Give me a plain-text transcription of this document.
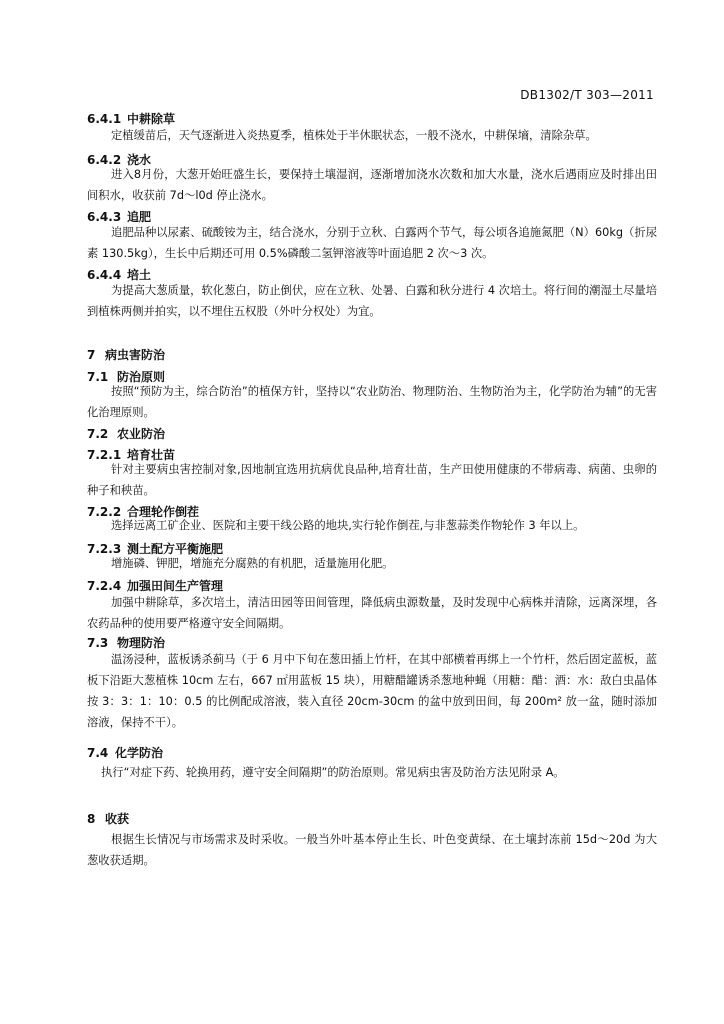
DB1302/T 303—2011
6.4.1 中耕除草
定植缓苗后，天气逐渐进入炎热夏季，植株处于半休眠状态，一般不浇水，中耕保墒，清除杂草。
6.4.2 浇水
进入8月份，大葱开始旺盛生长，要保持土壤湿润，逐渐增加浇水次数和加大水量，浇水后遇雨应及时排出田间积水，收获前 7d～l0d 停止浇水。
6.4.3 追肥
追肥品种以尿素、硫酸铵为主，结合浇水，分别于立秋、白露两个节气，每公顷各追施氮肥（N）60kg（折尿素 130.5kg），生长中后期还可用 0.5%磷酸二氢钾溶液等叶面追肥 2 次～3 次。
6.4.4 培土
为提高大葱质量，软化葱白，防止倒伏，应在立秋、处暑、白露和秋分进行 4 次培土。将行间的潮湿土尽量培到植株两侧并拍实，以不埋住五权股（外叶分权处）为宜。
7 病虫害防治
7.1 防治原则
按照“预防为主，综合防治”的植保方针，坚持以“农业防治、物理防治、生物防治为主，化学防治为辅”的无害化治理原则。
7.2 农业防治
7.2.1 培育壮苗
针对主要病虫害控制对象,因地制宜选用抗病优良品种,培育壮苗，生产田使用健康的不带病毒、病菌、虫卵的种子和秧苗。
7.2.2 合理轮作倒茬
选择远离工矿企业、医院和主要干线公路的地块,实行轮作倒茬,与非葱蒜类作物轮作 3 年以上。
7.2.3 测土配方平衡施肥
增施磷、钾肥，增施充分腐熟的有机肥，适量施用化肥。
7.2.4 加强田间生产管理
加强中耕除草，多次培土，清洁田园等田间管理，降低病虫源数量，及时发现中心病株并清除，远离深埋，各农药品种的使用要严格遵守安全间隔期。
7.3 物理防治
温汤浸种，蓝板诱杀蓟马（于 6 月中下旬在葱田插上竹杆，在其中部横着再绑上一个竹杆，然后固定蓝板，蓝板下沿距大葱植株 10cm 左右，667 ㎡用蓝板 15 块），用糖醋罐诱杀葱地种蝇（用糖：醋：酒：水：敌白虫晶体按 3：3：1：10：0.5 的比例配成溶液，装入直径 20cm-30cm 的盆中放到田间，每 200m² 放一盆，随时添加溶液，保持不干）。
7.4 化学防治
执行“对症下药、轮换用药，遵守安全间隔期”的防治原则。常见病虫害及防治方法见附录 A。
8 收获
根据生长情况与市场需求及时采收。一般当外叶基本停止生长、叶色变黄绿、在土壤封冻前 15d～20d 为大葱收获适期。
